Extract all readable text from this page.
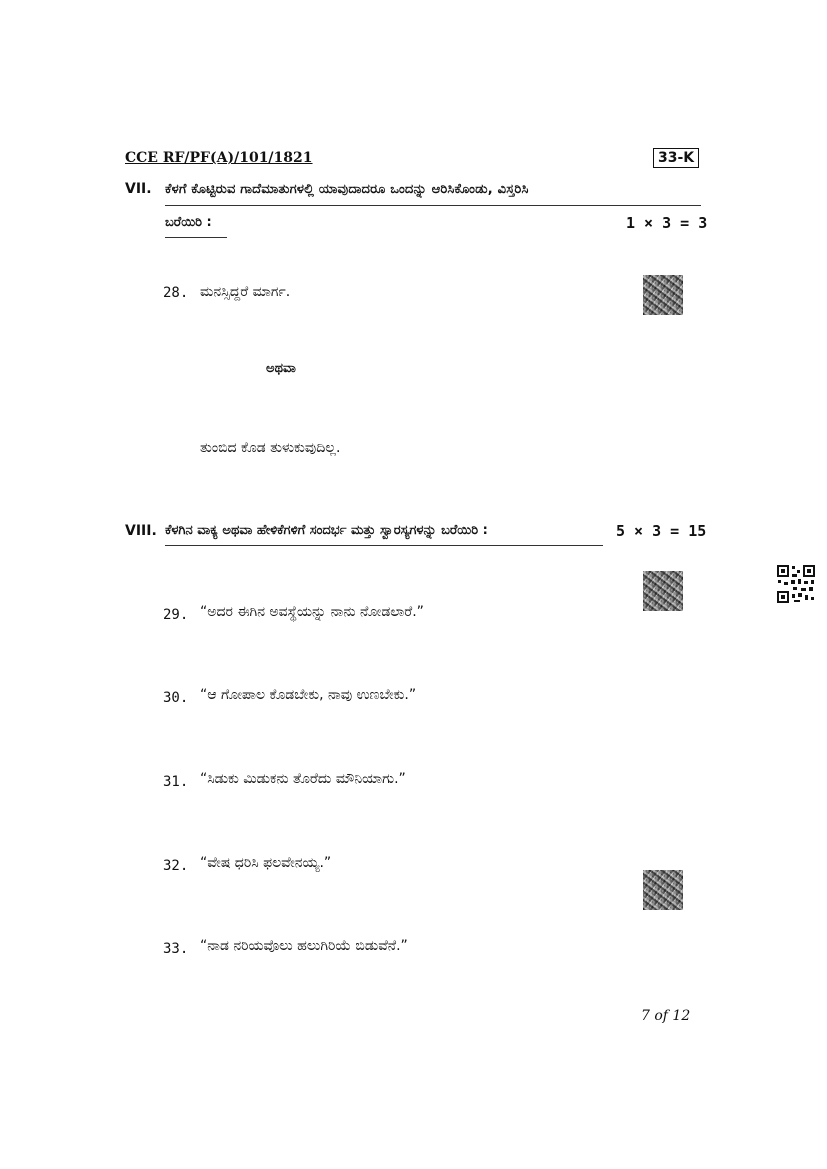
CCE RF/PF(A)/101/1821	33-K
VII. ಕೆಳಗೆ ಕೊಟ್ಟಿರುವ ಗಾದೆಮಾತುಗಳಲ್ಲಿ ಯಾವುದಾದರೂ ಒಂದನ್ನು ಆರಿಸಿಕೊಂಡು, ವಿಸ್ತರಿಸಿ
ಬರೆಯಿರಿ :	1 × 3 = 3
28. ಮನಸ್ಸಿದ್ದರೆ ಮಾರ್ಗ.
ಅಥವಾ
ತುಂಬಿದ ಕೊಡ ತುಳುಕುವುದಿಲ್ಲ.
VIII. ಕೆಳಗಿನ ವಾಕ್ಯ ಅಥವಾ ಹೇಳಿಕೆಗಳಿಗೆ ಸಂದರ್ಭ ಮತ್ತು ಸ್ವಾರಸ್ಯಗಳನ್ನು ಬರೆಯಿರಿ :	5 × 3 = 15
29. “ಅದರ ಈಗಿನ ಅವಸ್ಥೆಯನ್ನು ನಾನು ನೋಡಲಾರೆ.”
30. “ಆ ಗೋಪಾಲ ಕೊಡಬೇಕು, ನಾವು ಉಣಬೇಕು.”
31. “ಸಿಡುಕು ಮಿಡುಕನು ತೊರೆದು ಮೌನಿಯಾಗು.”
32. “ವೇಷ ಧರಿಸಿ ಫಲವೇನಯ್ಯ.”
33. “ನಾಡ ನರಿಯವೊಲು ಹಲುಗಿರಿಯೆ ಬಿಡುವೆನೆ.”
7 of 12
